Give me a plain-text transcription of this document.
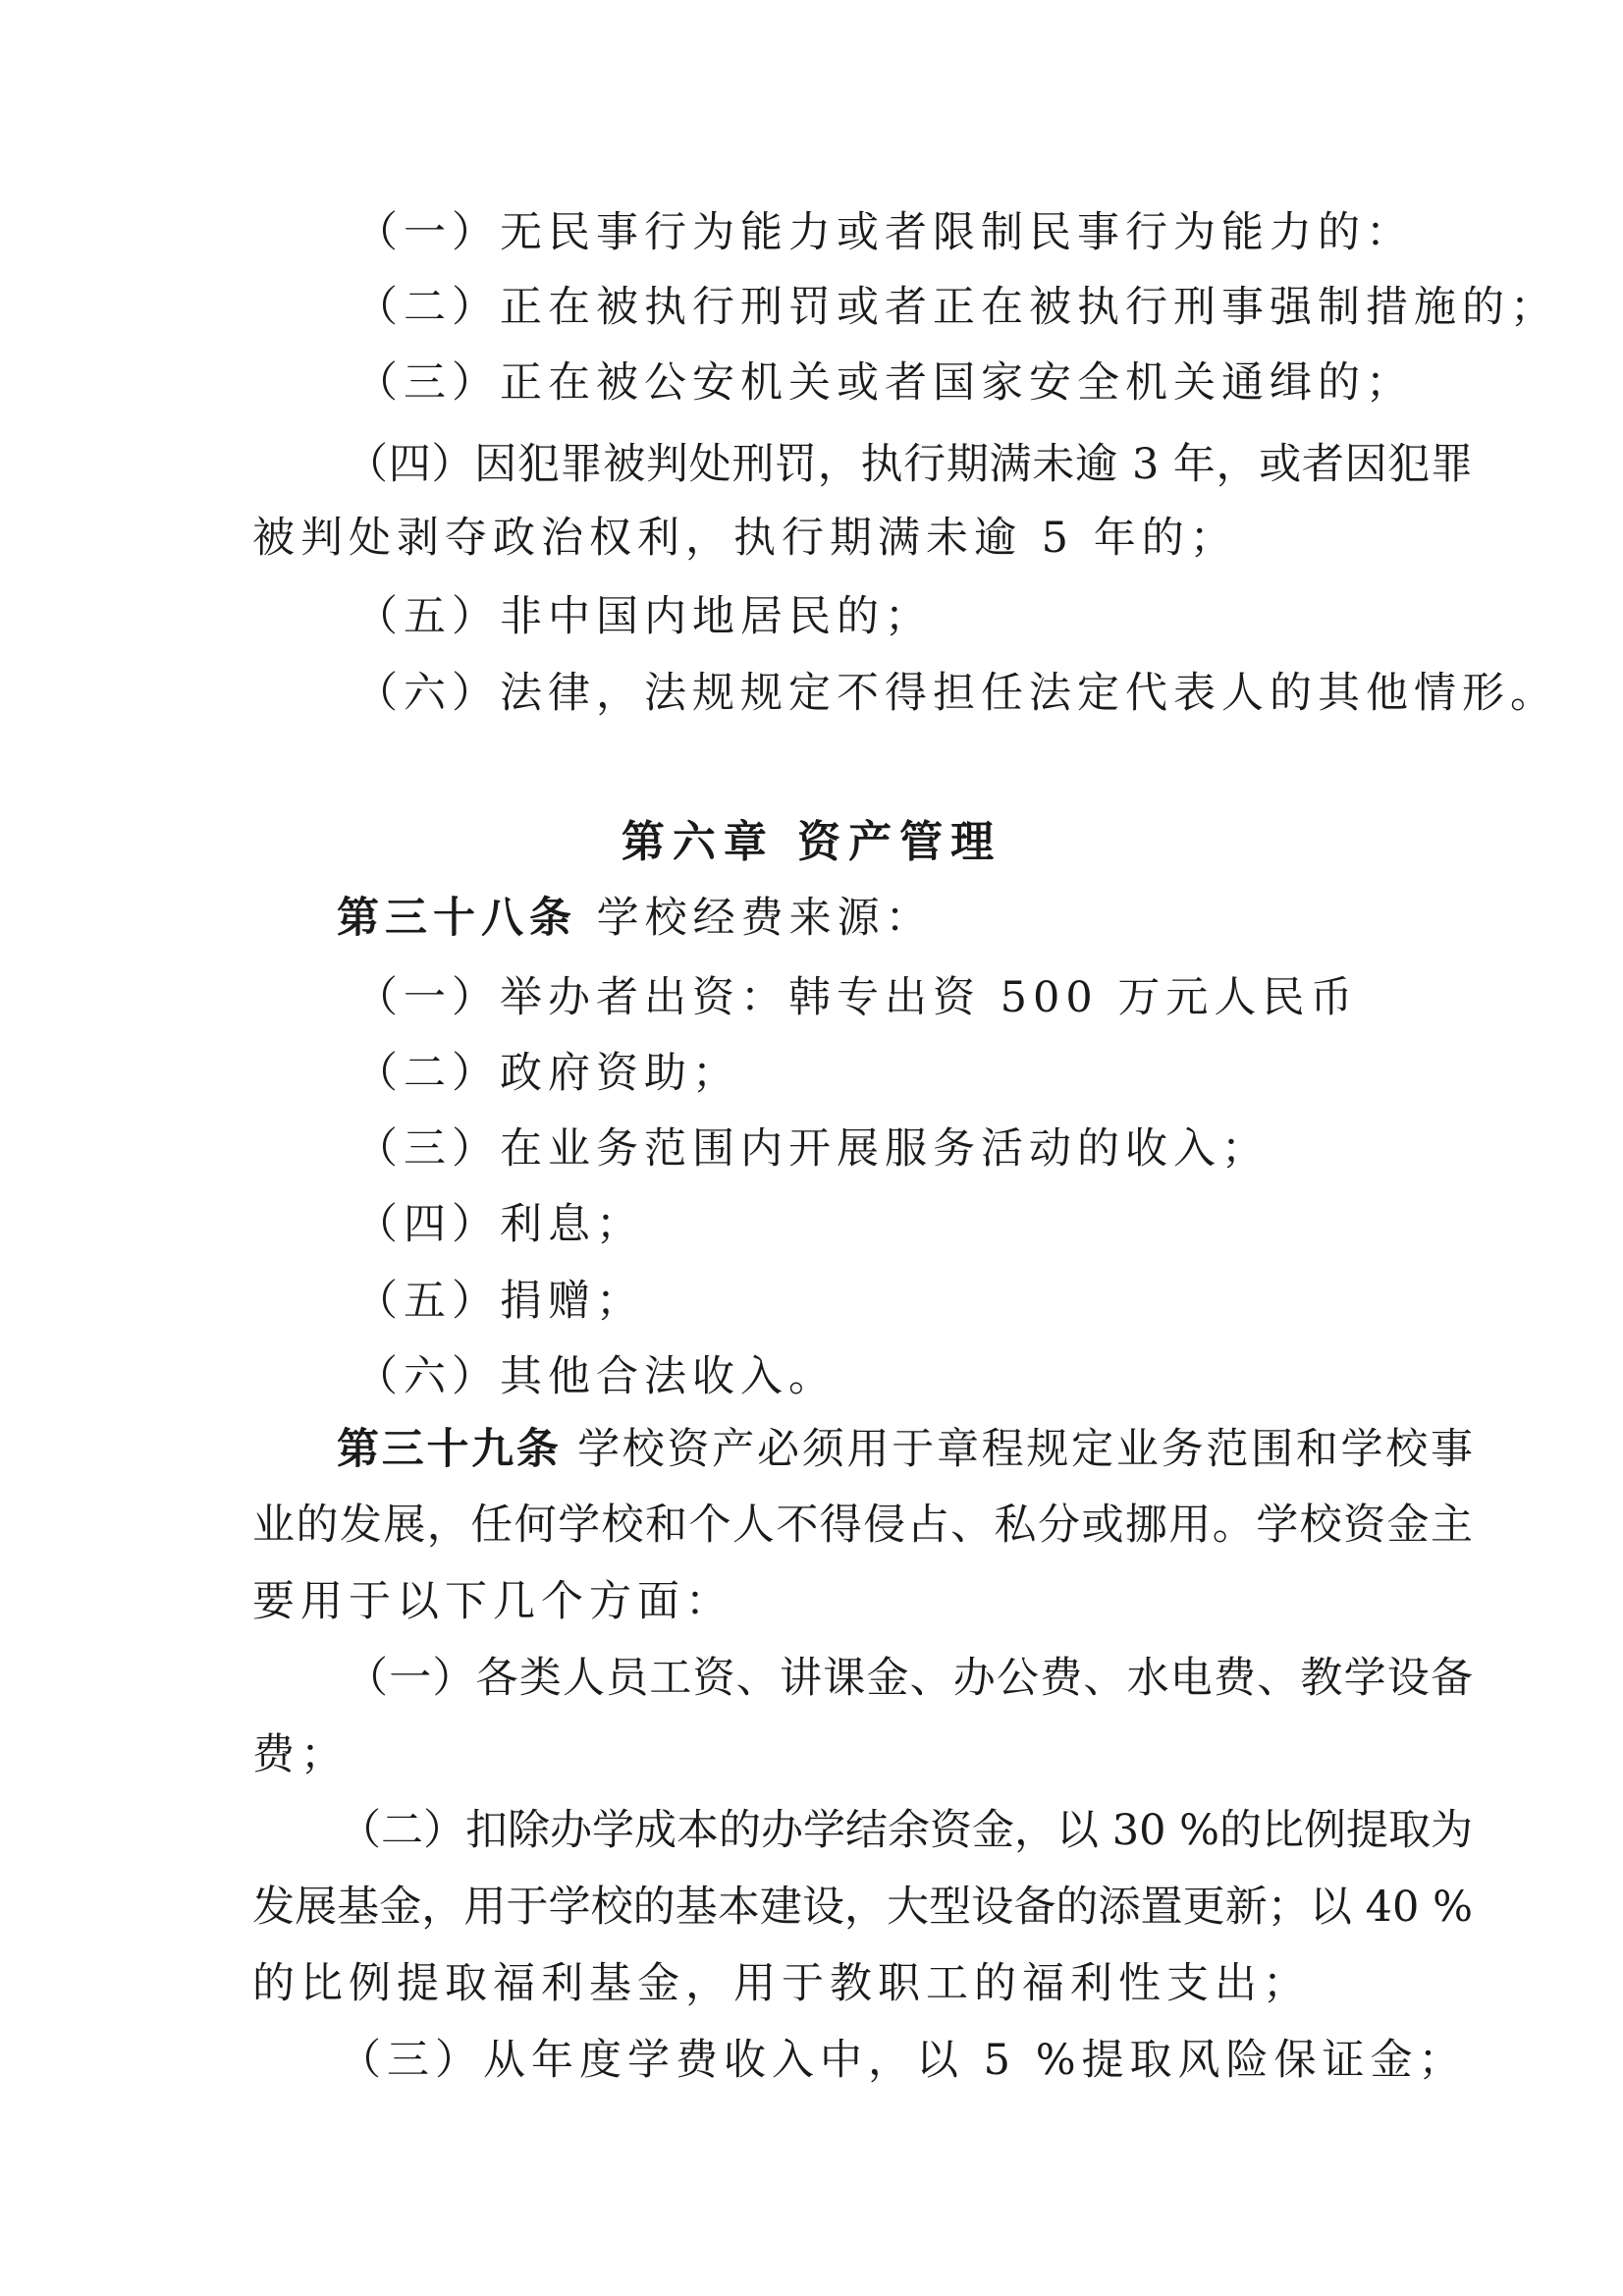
（一）无民事行为能力或者限制民事行为能力的：
（二）正在被执行刑罚或者正在被执行刑事强制措施的；
（三）正在被公安机关或者国家安全机关通缉的；
（四）因犯罪被判处刑罚，执行期满未逾 3 年，或者因犯罪
被判处剥夺政治权利，执行期满未逾 5 年的；
（五）非中国内地居民的；
（六）法律，法规规定不得担任法定代表人的其他情形。
第六章 资产管理
第三十八条 学校经费来源：
（一）举办者出资：韩专出资 500 万元人民币
（二）政府资助；
（三）在业务范围内开展服务活动的收入；
（四）利息；
（五）捐赠；
（六）其他合法收入。
第三十九条 学校资产必须用于章程规定业务范围和学校事
业的发展，任何学校和个人不得侵占、私分或挪用。学校资金主
要用于以下几个方面：
（一）各类人员工资、讲课金、办公费、水电费、教学设备
费；
（二）扣除办学成本的办学结余资金，以 30 %的比例提取为
发展基金，用于学校的基本建设，大型设备的添置更新；以 40 %
的比例提取福利基金，用于教职工的福利性支出；
（三）从年度学费收入中，以 5 %提取风险保证金；
